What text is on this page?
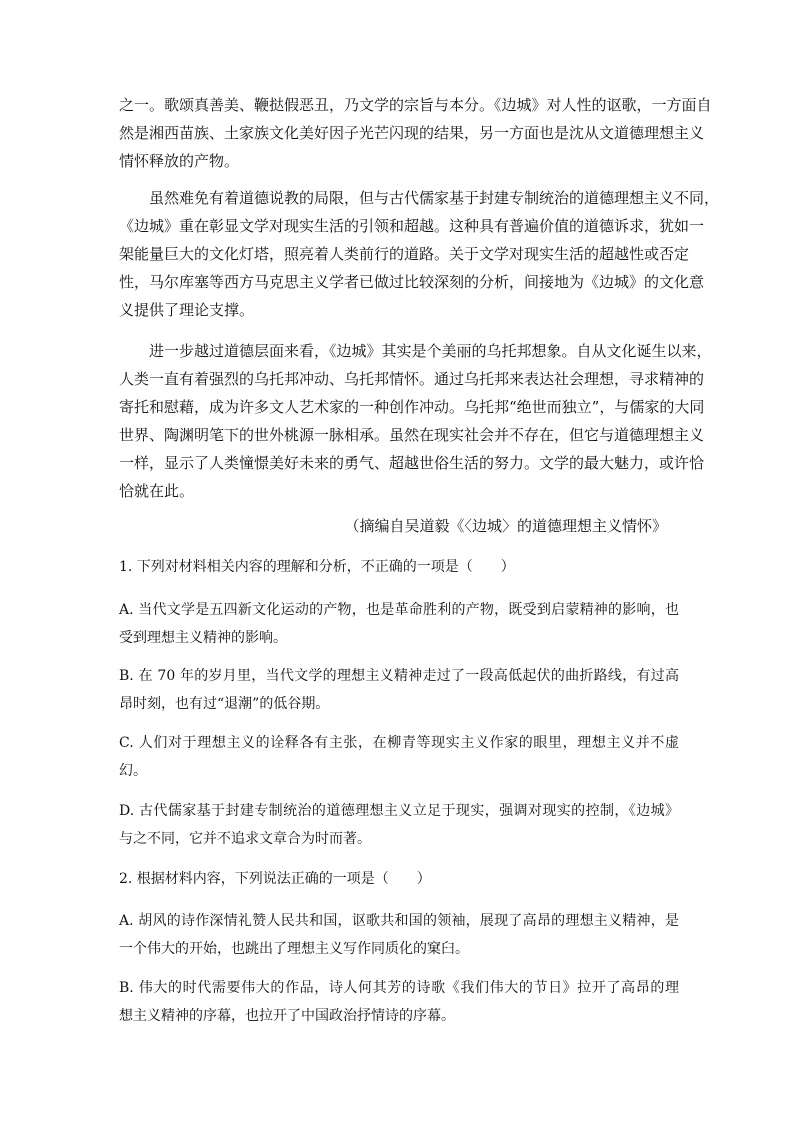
之一。歌颂真善美、鞭挞假恶丑，乃文学的宗旨与本分。《边城》对人性的讴歌，一方面自
然是湘西苗族、土家族文化美好因子光芒闪现的结果，另一方面也是沈从文道德理想主义
情怀释放的产物。
虽然难免有着道德说教的局限，但与古代儒家基于封建专制统治的道德理想主义不同，
《边城》重在彰显文学对现实生活的引领和超越。这种具有普遍价值的道德诉求，犹如一
架能量巨大的文化灯塔，照亮着人类前行的道路。关于文学对现实生活的超越性或否定
性，马尔库塞等西方马克思主义学者已做过比较深刻的分析，间接地为《边城》的文化意
义提供了理论支撑。
进一步越过道德层面来看，《边城》其实是个美丽的乌托邦想象。自从文化诞生以来，
人类一直有着强烈的乌托邦冲动、乌托邦情怀。通过乌托邦来表达社会理想，寻求精神的
寄托和慰藉，成为许多文人艺术家的一种创作冲动。乌托邦“绝世而独立”，与儒家的大同
世界、陶渊明笔下的世外桃源一脉相承。虽然在现实社会并不存在，但它与道德理想主义
一样，显示了人类憧憬美好未来的勇气、超越世俗生活的努力。文学的最大魅力，或许恰
恰就在此。
（摘编自吴道毅《〈边城〉的道德理想主义情怀》
1. 下列对材料相关内容的理解和分析，不正确的一项是（　　）
A. 当代文学是五四新文化运动的产物，也是革命胜利的产物，既受到启蒙精神的影响，也
受到理想主义精神的影响。
B. 在 70 年的岁月里，当代文学的理想主义精神走过了一段高低起伏的曲折路线，有过高
昂时刻，也有过“退潮”的低谷期。
C. 人们对于理想主义的诠释各有主张，在柳青等现实主义作家的眼里，理想主义并不虚
幻。
D. 古代儒家基于封建专制统治的道德理想主义立足于现实，强调对现实的控制，《边城》
与之不同，它并不追求文章合为时而著。
2. 根据材料内容，下列说法正确的一项是（　　）
A. 胡风的诗作深情礼赞人民共和国，讴歌共和国的领袖，展现了高昂的理想主义精神，是
一个伟大的开始，也跳出了理想主义写作同质化的窠臼。
B. 伟大的时代需要伟大的作品，诗人何其芳的诗歌《我们伟大的节日》拉开了高昂的理
想主义精神的序幕，也拉开了中国政治抒情诗的序幕。
